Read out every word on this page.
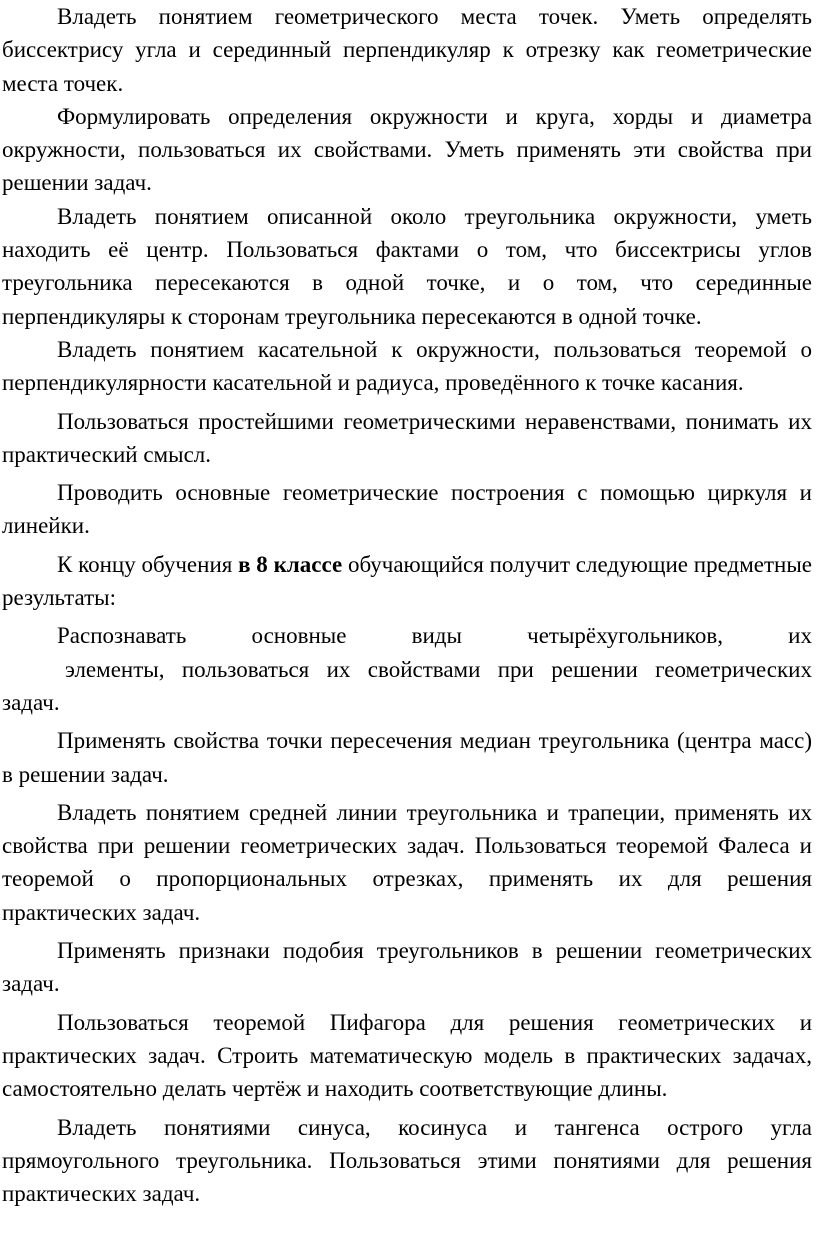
Владеть понятием геометрического места точек. Уметь определять биссектрису угла и серединный перпендикуляр к отрезку как геометрические места точек.

Формулировать определения окружности и круга, хорды и диаметра окружности, пользоваться их свойствами. Уметь применять эти свойства при решении задач.

Владеть понятием описанной около треугольника окружности, уметь находить её центр. Пользоваться фактами о том, что биссектрисы углов треугольника пересекаются в одной точке, и о том, что серединные перпендикуляры к сторонам треугольника пересекаются в одной точке.

Владеть понятием касательной к окружности, пользоваться теоремой о перпендикулярности касательной и радиуса, проведённого к точке касания.

Пользоваться простейшими геометрическими неравенствами, понимать их практический смысл.

Проводить основные геометрические построения с помощью циркуля и линейки.

К концу обучения в 8 классе обучающийся получит следующие предметные результаты:

Распознавать основные виды четырёхугольников, их
элементы, пользоваться их свойствами при решении геометрических
задач.

Применять свойства точки пересечения медиан треугольника (центра масс) в решении задач.

Владеть понятием средней линии треугольника и трапеции, применять их свойства при решении геометрических задач. Пользоваться теоремой Фалеса и теоремой о пропорциональных отрезках, применять их для решения практических задач.

Применять признаки подобия треугольников в решении геометрических задач.

Пользоваться теоремой Пифагора для решения геометрических и практических задач. Строить математическую модель в практических задачах, самостоятельно делать чертёж и находить соответствующие длины.

Владеть понятиями синуса, косинуса и тангенса острого угла прямоугольного треугольника. Пользоваться этими понятиями для решения практических задач.
